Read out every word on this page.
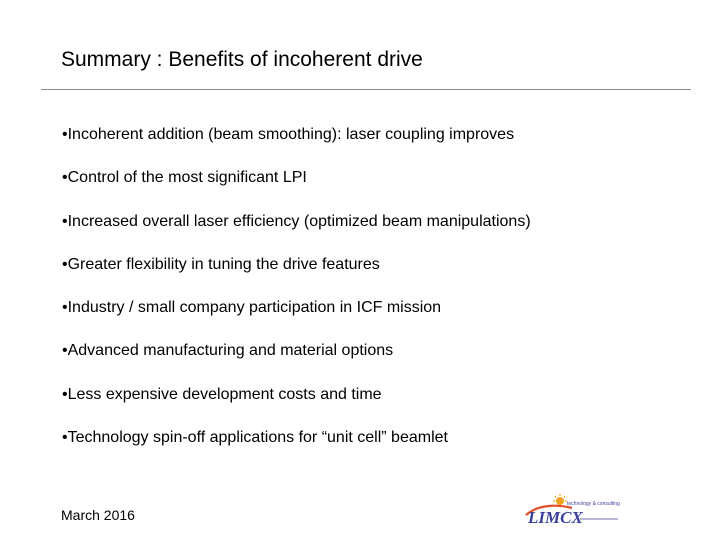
Summary : Benefits of incoherent drive
•Incoherent addition (beam smoothing): laser coupling improves
•Control of the most significant LPI
•Increased overall laser efficiency (optimized beam manipulations)
•Greater flexibility in tuning the drive features
•Industry / small company participation in ICF mission
•Advanced manufacturing and material options
•Less expensive development costs and time
•Technology spin-off applications for “unit cell” beamlet
March 2016	LIMCX
technology & consulting
